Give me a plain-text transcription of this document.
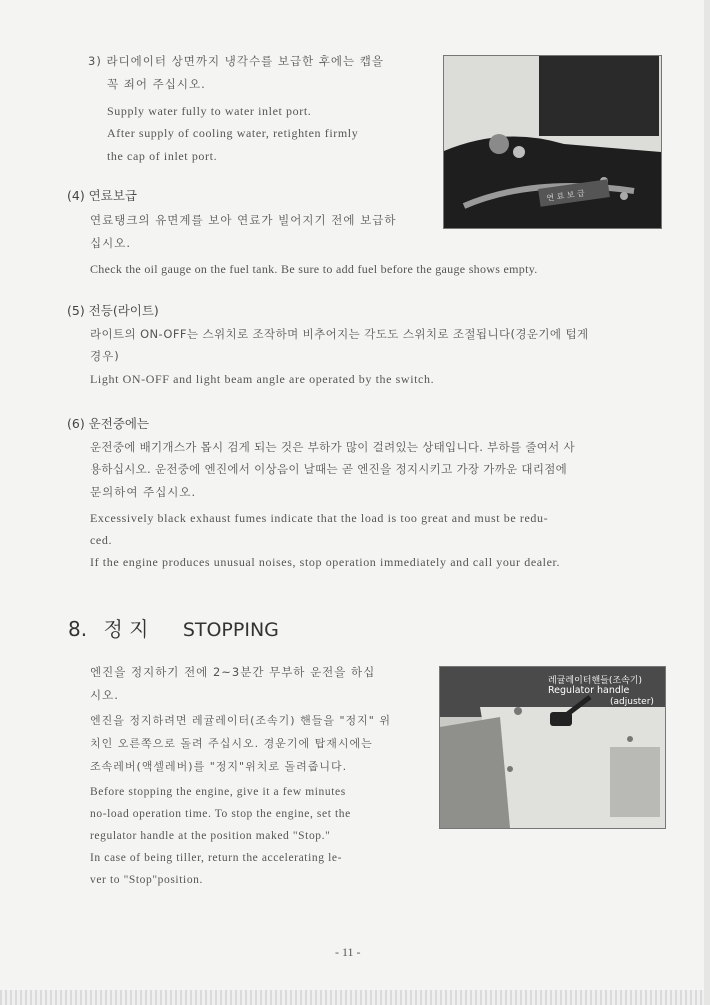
3) 라디에이터 상면까지 냉각수를 보급한 후에는 캡을
꼭 죄어 주십시오.
Supply water fully to water inlet port.
After supply of cooling water, retighten firmly
the cap of inlet port.
연 료 보 급
(4) 연료보급
연료탱크의 유면계를 보아 연료가 빌어지기 전에 보급하
십시오.
Check the oil gauge on the fuel tank. Be sure to add fuel before the gauge shows empty.
(5) 전등(라이트)
라이트의 ON-OFF는 스위치로 조작하며 비추어지는 각도도 스위치로 조절됩니다(경운기에 텁게
경우)
Light ON-OFF and light beam angle are operated by the switch.
(6) 운전중에는
운전중에 배기개스가 몹시 검게 되는 것은 부하가 많이 걸려있는 상태입니다. 부하를 줄여서 사
용하십시오. 운전중에 엔진에서 이상음이 날때는 곧 엔진을 정지시키고 가장 가까운 대리점에
문의하여 주십시오.
Excessively black exhaust fumes indicate that the load is too great and must be redu-
ced.
If the engine produces unusual noises, stop operation immediately and call your dealer.
8. 정 지 STOPPING
엔진을 정지하기 전에 2~3분간 무부하 운전을 하십
시오.
엔진을 정지하려면 레귤레이터(조속기) 핸들을 "정지" 위
치인 오른쪽으로 돌려 주십시오. 경운기에 탑재시에는
조속레버(액셀레버)를 "정지"위치로 돌려줍니다.
Before stopping the engine, give it a few minutes
no-load operation time. To stop the engine, set the
regulator handle at the position maked "Stop."
In case of being tiller, return the accelerating le-
ver to "Stop"position.
레귤레이터핸들(조속기)
Regulator handle
(adjuster)
- 11 -
